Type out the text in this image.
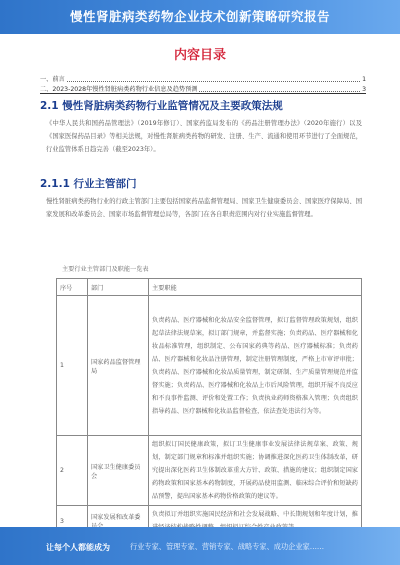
慢性肾脏病类药物企业技术创新策略研究报告
内容目录
一、前言	1
二、2023-2028年慢性肾脏病类药物行业信息及趋势预测	3
2.1 慢性肾脏病类药物行业监管情况及主要政策法规
《中华人民共和国药品管理法》（2019年修订）、国家药监局发布的《药品注册管理办法》（2020年施行）以及《国家医保药品目录》等相关法规，对慢性肾脏病类药物的研发、注册、生产、流通和使用环节进行了全面规范，行业监管体系日趋完善（截至2023年）。
2.1.1 行业主管部门
慢性肾脏病类药物行业的行政主管部门主要包括国家药品监督管理局、国家卫生健康委员会、国家医疗保障局、国家发展和改革委员会、国家市场监督管理总局等，各部门在各自职责范围内对行业实施监督管理。
主要行业主管部门及职能一览表
序号	部门	主要职能
1	国家药品监督管理局	负责药品、医疗器械和化妆品安全监督管理，拟订监督管理政策规划，组织起草法律法规草案，拟订部门规章，并监督实施；负责药品、医疗器械和化妆品标准管理，组织制定、公布国家药典等药品、医疗器械标准；负责药品、医疗器械和化妆品注册管理，制定注册管理制度，严格上市审评审批；负责药品、医疗器械和化妆品质量管理，制定研制、生产质量管理规范并监督实施；负责药品、医疗器械和化妆品上市后风险管理，组织开展不良反应和不良事件监测、评价和处置工作；负责执业药师资格准入管理；负责组织指导药品、医疗器械和化妆品监督检查，依法查处违法行为等。
2	国家卫生健康委员会	组织拟订国民健康政策，拟订卫生健康事业发展法律法规草案、政策、规划，制定部门规章和标准并组织实施；协调推进深化医药卫生体制改革，研究提出深化医药卫生体制改革重大方针、政策、措施的建议；组织制定国家药物政策和国家基本药物制度，开展药品使用监测、临床综合评价和短缺药品预警，提出国家基本药物价格政策的建议等。
3	国家发展和改革委	负责拟订并组织实施国民经济和社会发展战略、中长期规划和年度计划，推
让每个人都能成为	行业专家、管理专家、营销专家、战略专家、成功企业家……
